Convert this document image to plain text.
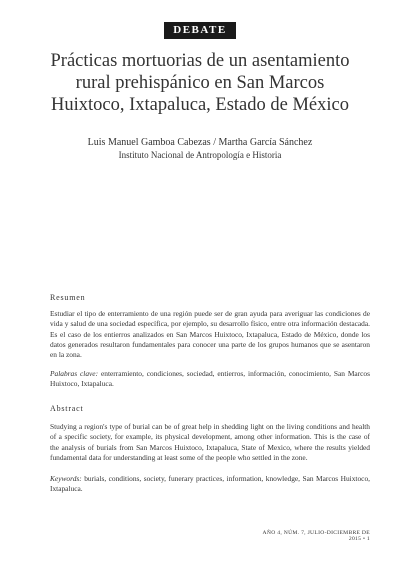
DEBATE
Prácticas mortuorias de un asentamiento
rural prehispánico en San Marcos
Huixtoco, Ixtapaluca, Estado de México
Luis Manuel Gamboa Cabezas / Martha García Sánchez
Instituto Nacional de Antropología e Historia
Resumen
Estudiar el tipo de enterramiento de una región puede ser de gran ayuda para averiguar las condiciones de vida y salud de una sociedad específica, por ejemplo, su desarrollo físico, entre otra información destacada. Es el caso de los entierros analizados en San Marcos Huixtoco, Ixtapaluca, Estado de México, donde los datos generados resultaron fundamentales para conocer una parte de los grupos humanos que se asentaron en la zona.
Palabras clave: enterramiento, condiciones, sociedad, entierros, información, conocimiento, San Marcos Huixtoco, Ixtapaluca.
Abstract
Studying a region's type of burial can be of great help in shedding light on the living conditions and health of a specific society, for example, its physical development, among other information. This is the case of the analysis of burials from San Marcos Huixtoco, Ixtapaluca, State of Mexico, where the results yielded fundamental data for understanding at least some of the people who settled in the zone.
Keywords: burials, conditions, society, funerary practices, information, knowledge, San Marcos Huixtoco, Ixtapaluca.
AÑO 4, NÚM. 7, JULIO-DICIEMBRE DE 2015 • 1
